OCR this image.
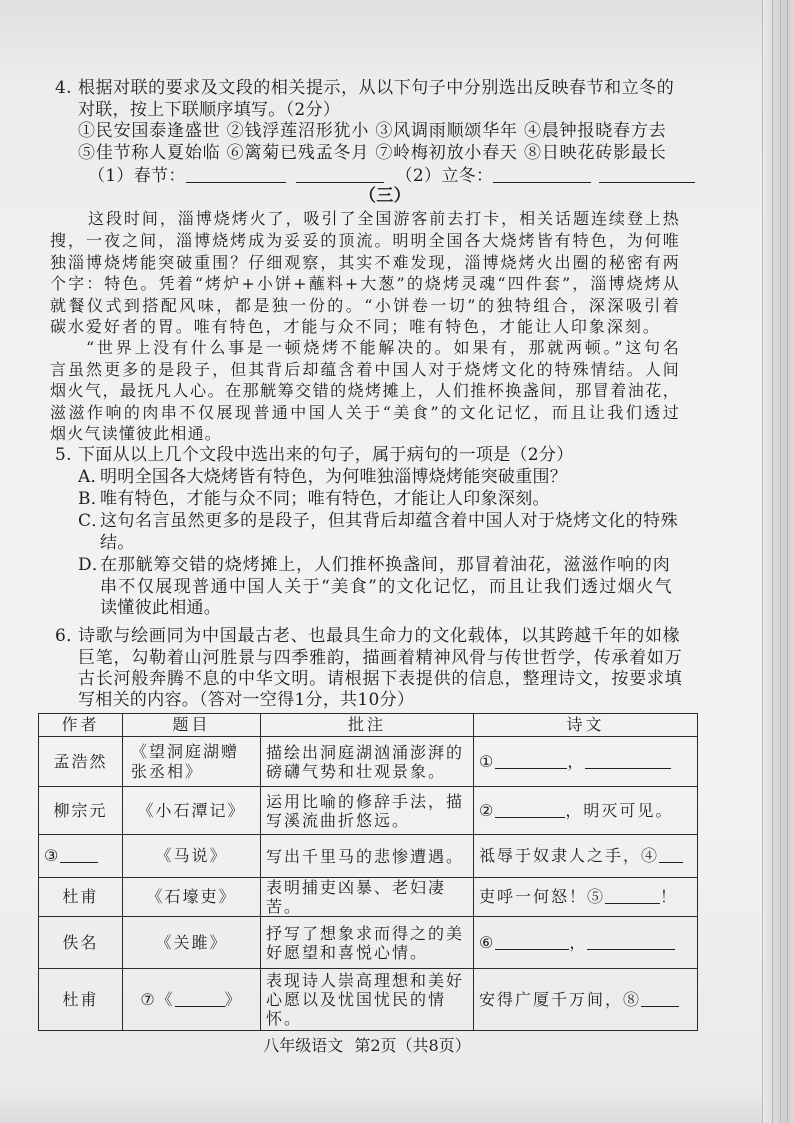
4. 根据对联的要求及文段的相关提示，从以下句子中分别选出反映春节和立冬的
对联，按上下联顺序填写。（2分）
①民安国泰逢盛世 ②钱浮莲沼形犹小 ③风调雨顺颂华年 ④晨钟报晓春方去
⑤佳节称人夏始临 ⑥篱菊已残孟冬月 ⑦岭梅初放小春天 ⑧日映花砖影最长
（1）春节：	（2）立冬：
（三）
这段时间，淄博烧烤火了，吸引了全国游客前去打卡，相关话题连续登上热
搜，一夜之间，淄博烧烤成为妥妥的顶流。明明全国各大烧烤皆有特色，为何唯
独淄博烧烤能突破重围？仔细观察，其实不难发现，淄博烧烤火出圈的秘密有两
个字：特色。凭着“烤炉+小饼+蘸料+大葱”的烧烤灵魂“四件套”，淄博烧烤从
就餐仪式到搭配风味，都是独一份的。“小饼卷一切”的独特组合，深深吸引着
碳水爱好者的胃。唯有特色，才能与众不同；唯有特色，才能让人印象深刻。
“世界上没有什么事是一顿烧烤不能解决的。如果有，那就两顿。”这句名
言虽然更多的是段子，但其背后却蕴含着中国人对于烧烤文化的特殊情结。人间
烟火气，最抚凡人心。在那觥筹交错的烧烤摊上，人们推杯换盏间，那冒着油花，
滋滋作响的肉串不仅展现普通中国人关于“美食”的文化记忆，而且让我们透过
烟火气读懂彼此相通。
5. 下面从以上几个文段中选出来的句子，属于病句的一项是（2分）
A．
明明全国各大烧烤皆有特色，为何唯独淄博烧烤能突破重围？
B．
唯有特色，才能与众不同；唯有特色，才能让人印象深刻。
C．
这句名言虽然更多的是段子，但其背后却蕴含着中国人对于烧烤文化的特殊
结。
D．
在那觥筹交错的烧烤摊上，人们推杯换盏间，那冒着油花，滋滋作响的肉
串不仅展现普通中国人关于“美食”的文化记忆，而且让我们透过烟火气
读懂彼此相通。
6．
诗歌与绘画同为中国最古老、也最具生命力的文化载体，以其跨越千年的如椽
巨笔，勾勒着山河胜景与四季雅韵，描画着精神风骨与传世哲学，传承着如万
古长河般奔腾不息的中华文明。请根据下表提供的信息，整理诗文，按要求填
写相关的内容。（答对一空得1分，共10分）
作者	题目	批注	诗文
孟浩然	《望洞庭湖赠张丞相》	描绘出洞庭湖汹涌澎湃的磅礴气势和壮观景象。	① ，
柳宗元	《小石潭记》	运用比喻的修辞手法，描写溪流曲折悠远。	② ，明灭可见。
③	《马说》	写出千里马的悲惨遭遇。	祗辱于奴隶人之手，④
杜甫	《石壕吏》	表明捕吏凶暴、老妇凄苦。	吏呼一何怒！⑤ ！
佚名	《关雎》	抒写了想象求而得之的美好愿望和喜悦心情。	⑥ ，
杜甫	⑦《 》	表现诗人崇高理想和美好心愿以及忧国忧民的情怀。	安得广厦千万间，⑧
八年级语文 第2页（共8页）
